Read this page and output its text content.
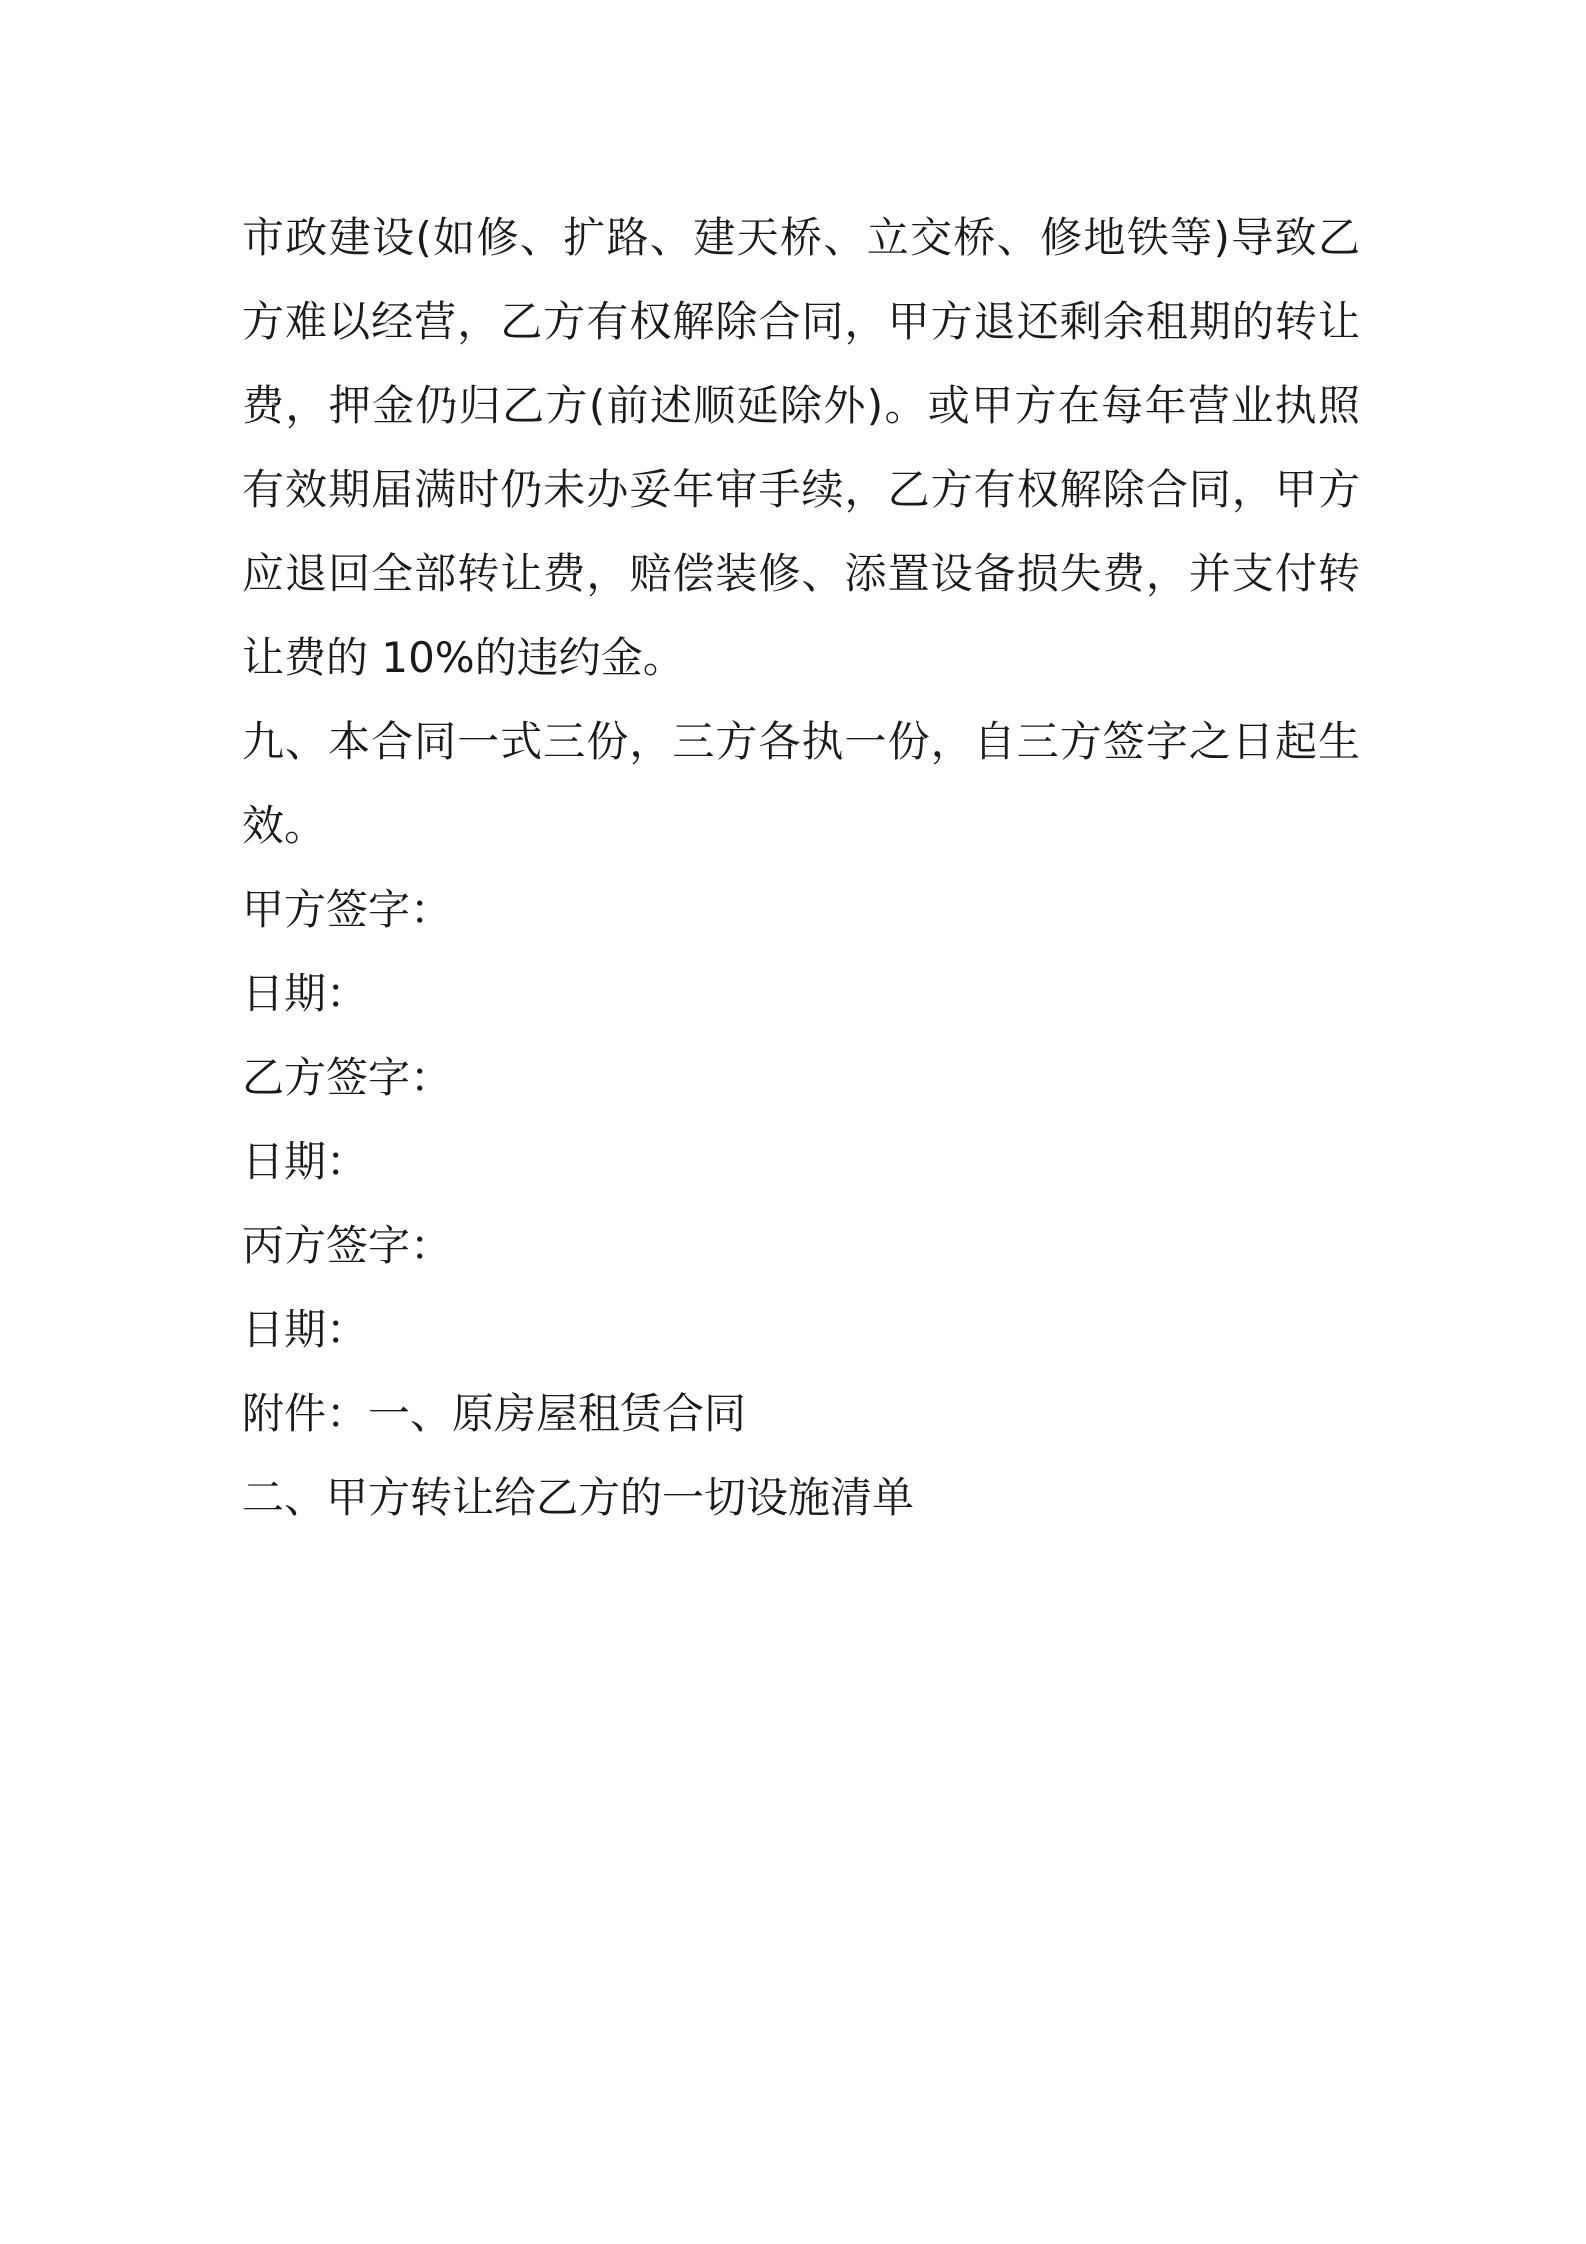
市政建设(如修、扩路、建天桥、立交桥、修地铁等)导致乙
方难以经营，乙方有权解除合同，甲方退还剩余租期的转让
费，押金仍归乙方(前述顺延除外)。或甲方在每年营业执照
有效期届满时仍未办妥年审手续，乙方有权解除合同，甲方
应退回全部转让费，赔偿装修、添置设备损失费，并支付转
让费的 10%的违约金。
九、本合同一式三份，三方各执一份，自三方签字之日起生
效。
甲方签字：
日期：
乙方签字：
日期：
丙方签字：
日期：
附件：一、原房屋租赁合同
二、甲方转让给乙方的一切设施清单
